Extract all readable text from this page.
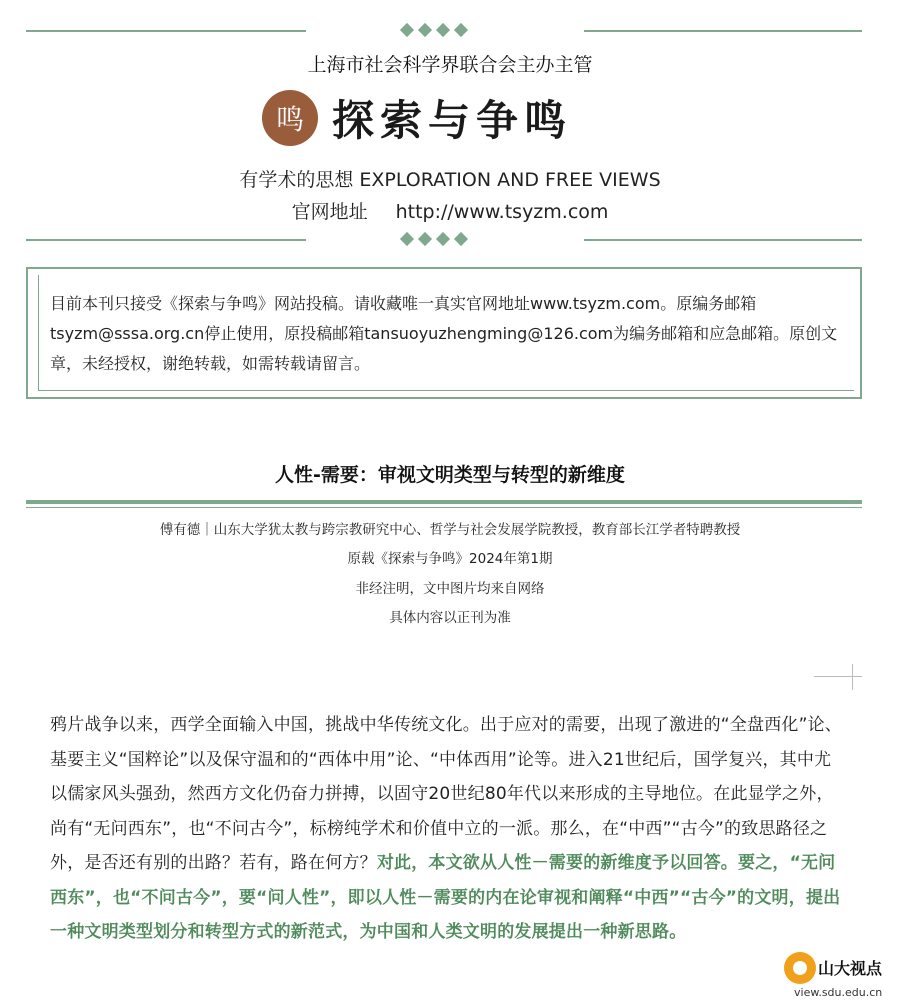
上海市社会科学界联合会主办主管
鸣 探索与争鸣
有学术的思想 EXPLORATION AND FREE VIEWS
官网地址 http://www.tsyzm.com
目前本刊只接受《探索与争鸣》网站投稿。请收藏唯一真实官网地址www.tsyzm.com。原编务邮箱tsyzm@sssa.org.cn停止使用，原投稿邮箱tansuoyuzhengming@126.com为编务邮箱和应急邮箱。原创文章，未经授权，谢绝转载，如需转载请留言。
人性-需要：审视文明类型与转型的新维度
傅有德｜山东大学犹太教与跨宗教研究中心、哲学与社会发展学院教授，教育部长江学者特聘教授
原载《探索与争鸣》2024年第1期
非经注明，文中图片均来自网络
具体内容以正刊为准
鸦片战争以来，西学全面输入中国，挑战中华传统文化。出于应对的需要，出现了激进的“全盘西化”论、基要主义“国粹论”以及保守温和的“西体中用”论、“中体西用”论等。进入21世纪后，国学复兴，其中尤以儒家风头强劲，然西方文化仍奋力拼搏，以固守20世纪80年代以来形成的主导地位。在此显学之外，尚有“无问西东”，也“不问古今”，标榜纯学术和价值中立的一派。那么，在“中西”“古今”的致思路径之外，是否还有别的出路？若有，路在何方？对此，本文欲从人性－需要的新维度予以回答。要之，“无问西东”，也“不问古今”，要“问人性”，即以人性－需要的内在论审视和阐释“中西”“古今”的文明，提出一种文明类型划分和转型方式的新范式，为中国和人类文明的发展提出一种新思路。
山大视点
view.sdu.edu.cn
